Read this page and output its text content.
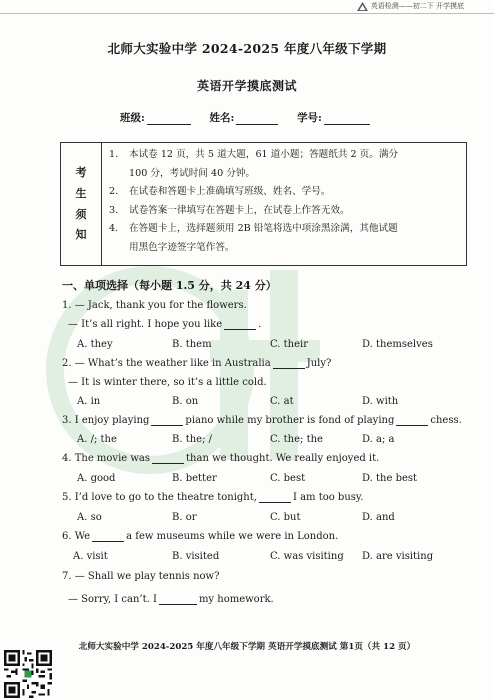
英语检测——初二下 开学摸底
北师大实验中学 2024-2025 年度八年级下学期
英语开学摸底测试
班级:	姓名:	学号:
考
生
须
知
1. 本试卷 12 页，共 5 道大题，61 道小题；答题纸共 2 页。满分
100 分，考试时间 40 分钟。
2. 在试卷和答题卡上准确填写班级、姓名、学号。
3. 试卷答案一律填写在答题卡上，在试卷上作答无效。
4. 在答题卡上，选择题须用 2B 铅笔将选中项涂黑涂满，其他试题
用黑色字迹签字笔作答。
一、单项选择（每小题 1.5 分，共 24 分）
1. — Jack, thank you for the flowers.
— It’s all right. I hope you like	.
A. they	B. them	C. their	D. themselves
2. — What’s the weather like in Australia	July?
— It is winter there, so it’s a little cold.
A. in	B. on	C. at	D. with
3. I enjoy playing	piano while my brother is fond of playing	chess.
A. /; the	B. the; /	C. the; the	D. a; a
4. The movie was	than we thought. We really enjoyed it.
A. good	B. better	C. best	D. the best
5. I’d love to go to the theatre tonight,	I am too busy.
A. so	B. or	C. but	D. and
6. We	a few museums while we were in London.
A. visit	B. visited	C. was visiting D. are visiting
7. — Shall we play tennis now?
— Sorry, I can’t. I	my homework.
北师大实验中学 2024-2025 年度八年级下学期 英语开学摸底测试 第1页（共 12 页）
